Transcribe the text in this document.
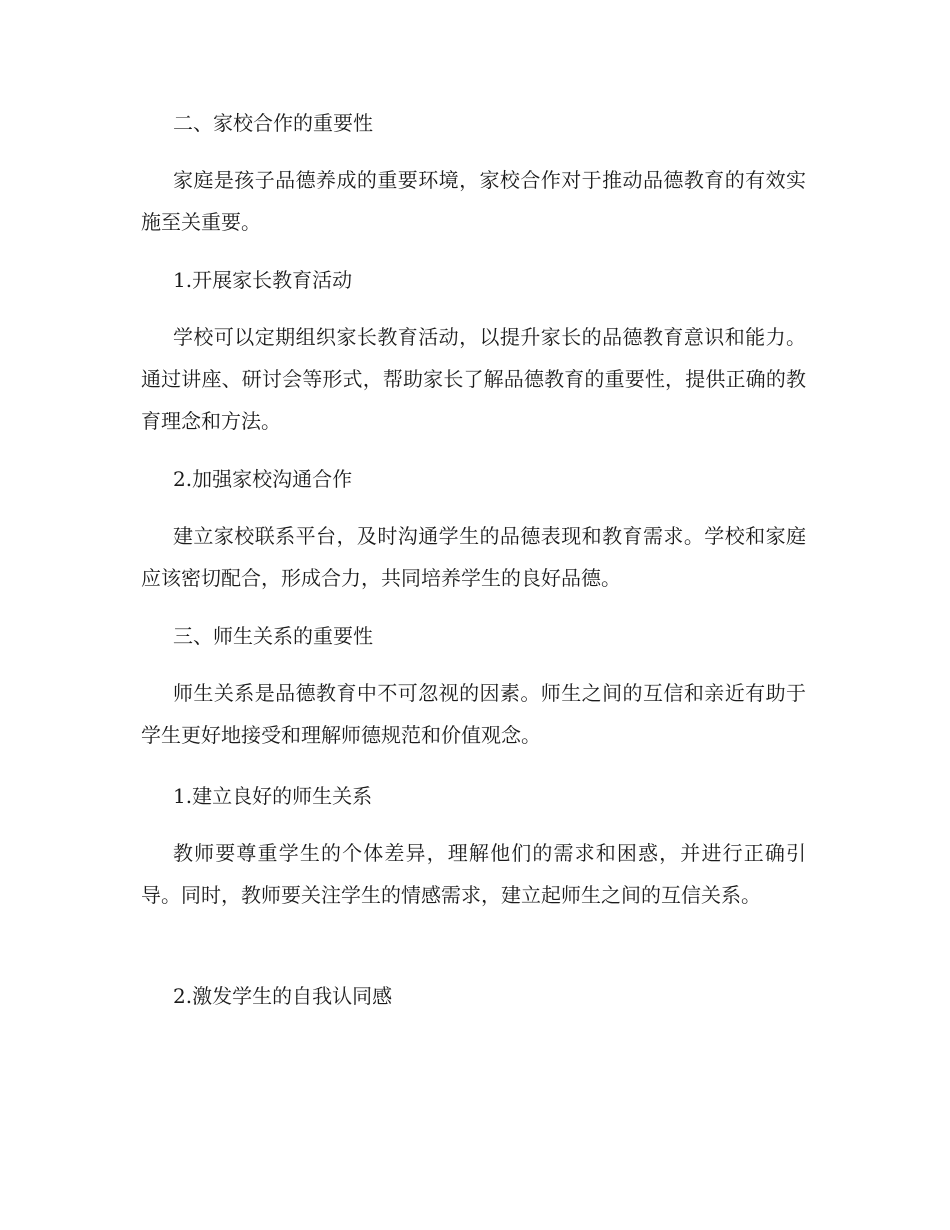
二、家校合作的重要性

家庭是孩子品德养成的重要环境，家校合作对于推动品德教育的有效实施至关重要。

1.开展家长教育活动

学校可以定期组织家长教育活动，以提升家长的品德教育意识和能力。通过讲座、研讨会等形式，帮助家长了解品德教育的重要性，提供正确的教育理念和方法。

2.加强家校沟通合作

建立家校联系平台，及时沟通学生的品德表现和教育需求。学校和家庭应该密切配合，形成合力，共同培养学生的良好品德。

三、师生关系的重要性

师生关系是品德教育中不可忽视的因素。师生之间的互信和亲近有助于学生更好地接受和理解师德规范和价值观念。

1.建立良好的师生关系

教师要尊重学生的个体差异，理解他们的需求和困惑，并进行正确引导。同时，教师要关注学生的情感需求，建立起师生之间的互信关系。

2.激发学生的自我认同感
